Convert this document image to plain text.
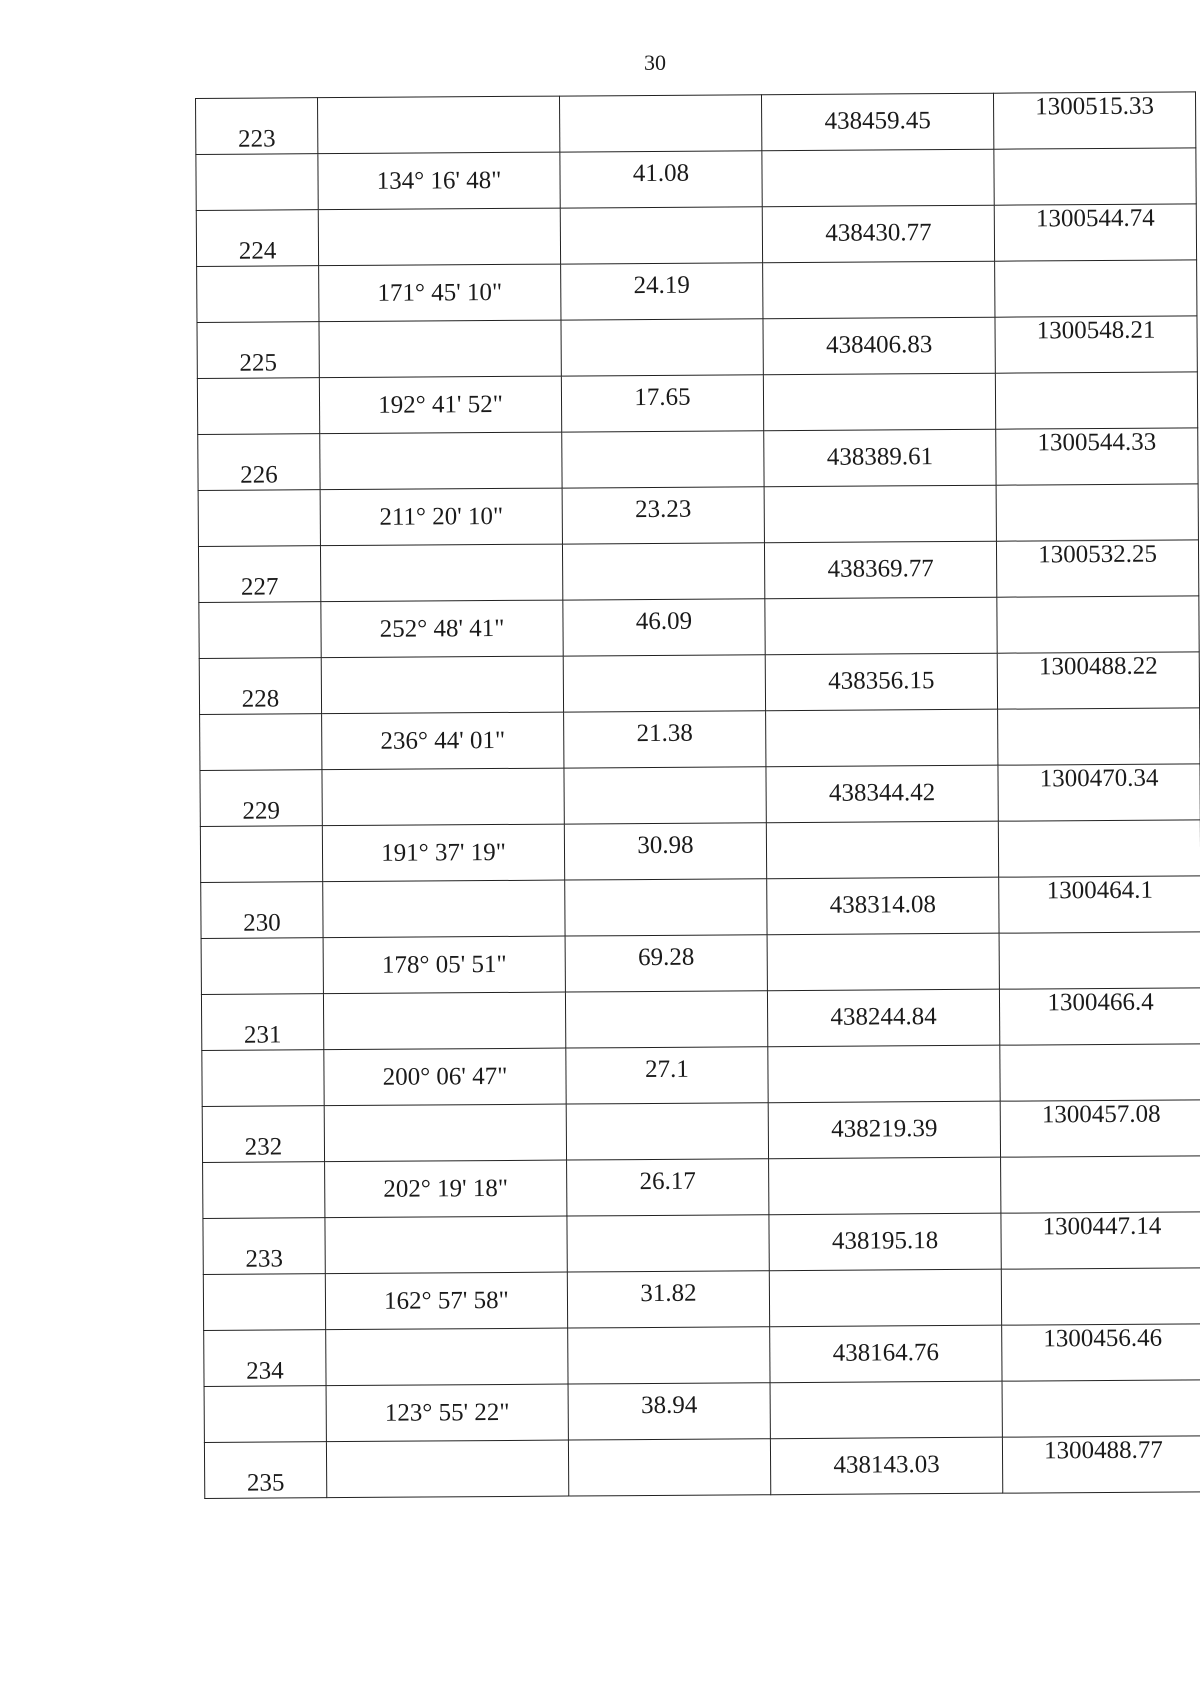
30
223			438459.45	1300515.33
	134° 16' 48"	41.08		
224			438430.77	1300544.74
	171° 45' 10"	24.19		
225			438406.83	1300548.21
	192° 41' 52"	17.65		
226			438389.61	1300544.33
	211° 20' 10"	23.23		
227			438369.77	1300532.25
	252° 48' 41"	46.09		
228			438356.15	1300488.22
	236° 44' 01"	21.38		
229			438344.42	1300470.34
	191° 37' 19"	30.98		
230			438314.08	1300464.1
	178° 05' 51"	69.28		
231			438244.84	1300466.4
	200° 06' 47"	27.1		
232			438219.39	1300457.08
	202° 19' 18"	26.17		
233			438195.18	1300447.14
	162° 57' 58"	31.82		
234			438164.76	1300456.46
	123° 55' 22"	38.94		
235			438143.03	1300488.77
